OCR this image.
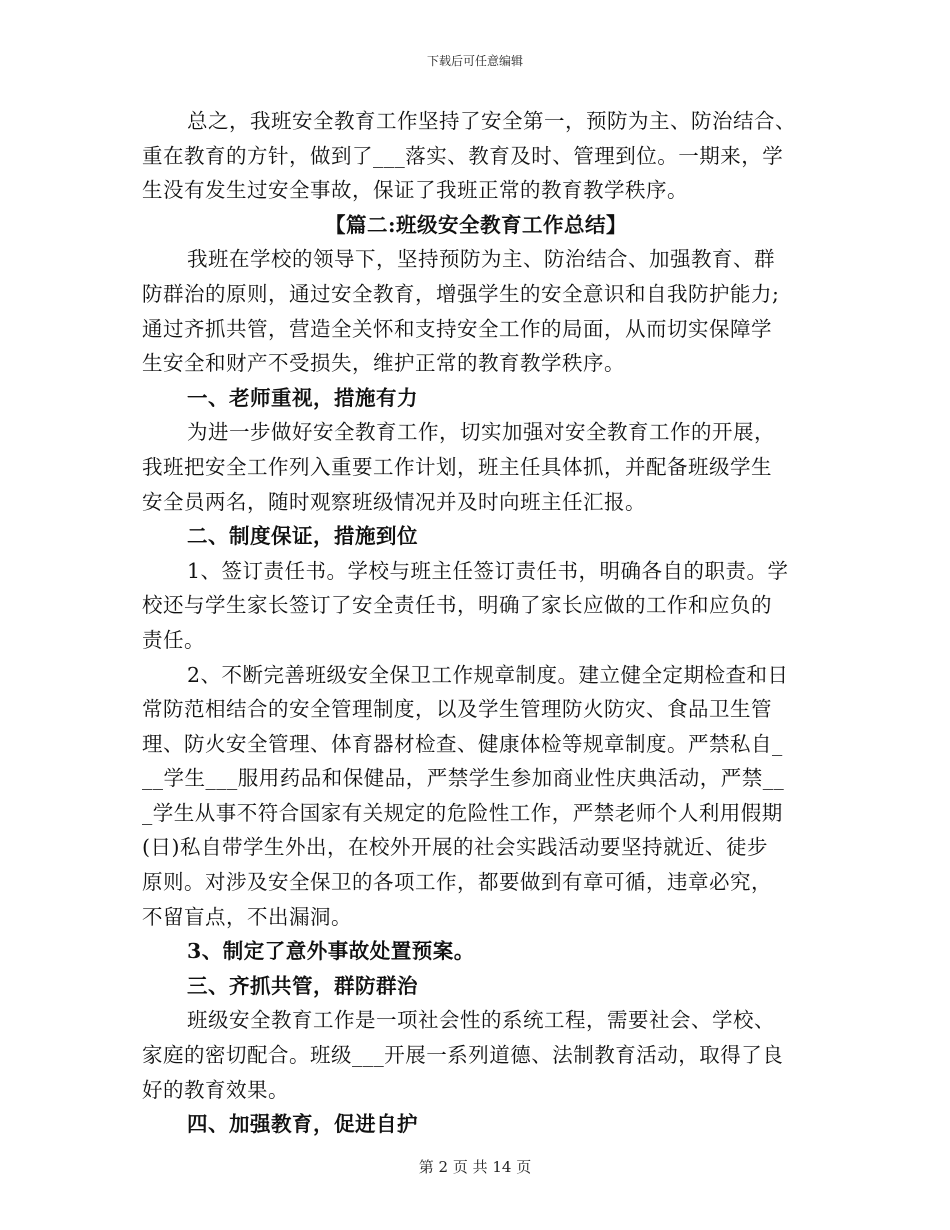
下载后可任意编辑
总之，我班安全教育工作坚持了安全第一，预防为主、防治结合、
重在教育的方针，做到了___落实、教育及时、管理到位。一期来，学
生没有发生过安全事故，保证了我班正常的教育教学秩序。
【篇二:班级安全教育工作总结】
我班在学校的领导下，坚持预防为主、防治结合、加强教育、群
防群治的原则，通过安全教育，增强学生的安全意识和自我防护能力;
通过齐抓共管，营造全关怀和支持安全工作的局面，从而切实保障学
生安全和财产不受损失，维护正常的教育教学秩序。
一、老师重视，措施有力
为进一步做好安全教育工作，切实加强对安全教育工作的开展，
我班把安全工作列入重要工作计划，班主任具体抓，并配备班级学生
安全员两名，随时观察班级情况并及时向班主任汇报。
二、制度保证，措施到位
1、签订责任书。学校与班主任签订责任书，明确各自的职责。学
校还与学生家长签订了安全责任书，明确了家长应做的工作和应负的
责任。
2、不断完善班级安全保卫工作规章制度。建立健全定期检查和日
常防范相结合的安全管理制度，以及学生管理防火防灾、食品卫生管
理、防火安全管理、体育器材检查、健康体检等规章制度。严禁私自_
__学生___服用药品和保健品，严禁学生参加商业性庆典活动，严禁__
_学生从事不符合国家有关规定的危险性工作，严禁老师个人利用假期
(日)私自带学生外出，在校外开展的社会实践活动要坚持就近、徒步
原则。对涉及安全保卫的各项工作，都要做到有章可循，违章必究，
不留盲点，不出漏洞。
3、制定了意外事故处置预案。
三、齐抓共管，群防群治
班级安全教育工作是一项社会性的系统工程，需要社会、学校、
家庭的密切配合。班级___开展一系列道德、法制教育活动，取得了良
好的教育效果。
四、加强教育，促进自护
第 2 页 共 14 页
